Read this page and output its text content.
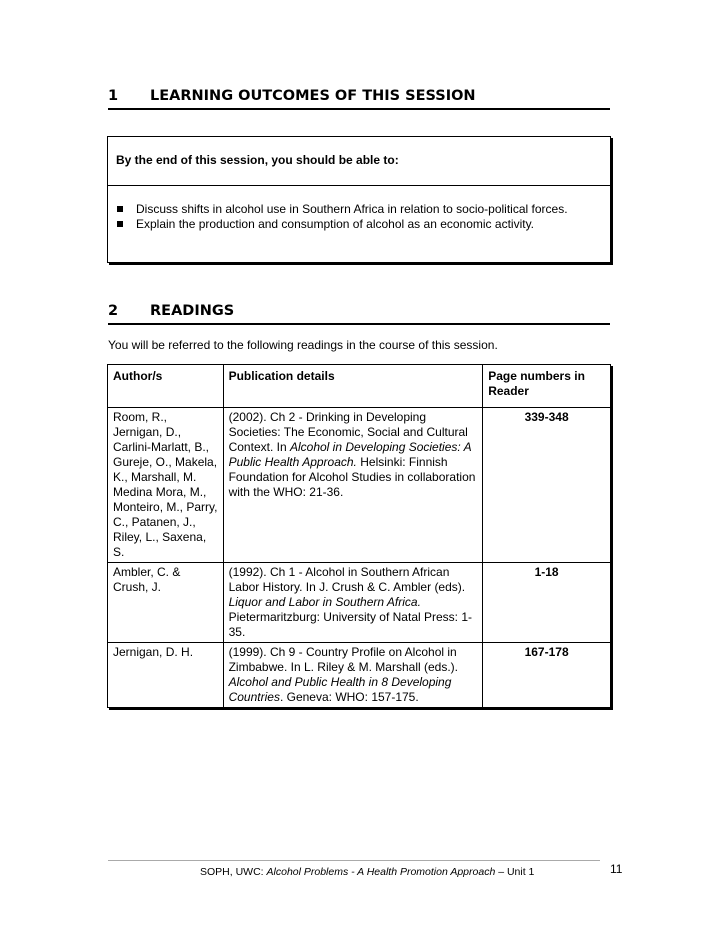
1 LEARNING OUTCOMES OF THIS SESSION
By the end of this session, you should be able to:
Discuss shifts in alcohol use in Southern Africa in relation to socio-political forces.
Explain the production and consumption of alcohol as an economic activity.
2 READINGS

You will be referred to the following readings in the course of this session.

Author/s	Publication details	Page numbers in Reader
Room, R., Jernigan, D., Carlini-Marlatt, B., Gureje, O., Makela, K., Marshall, M. Medina Mora, M., Monteiro, M., Parry, C., Patanen, J., Riley, L., Saxena, S.	(2002). Ch 2 - Drinking in Developing Societies: The Economic, Social and Cultural Context. In Alcohol in Developing Societies: A Public Health Approach. Helsinki: Finnish Foundation for Alcohol Studies in collaboration with the WHO: 21-36.	339-348
Ambler, C. & Crush, J.	(1992). Ch 1 - Alcohol in Southern African Labor History. In J. Crush & C. Ambler (eds). Liquor and Labor in Southern Africa. Pietermaritzburg: University of Natal Press: 1-35.	1-18
Jernigan, D. H.	(1999). Ch 9 - Country Profile on Alcohol in Zimbabwe. In L. Riley & M. Marshall (eds.). Alcohol and Public Health in 8 Developing Countries. Geneva: WHO: 157-175.	167-178
SOPH, UWC: Alcohol Problems - A Health Promotion Approach – Unit 1	11
